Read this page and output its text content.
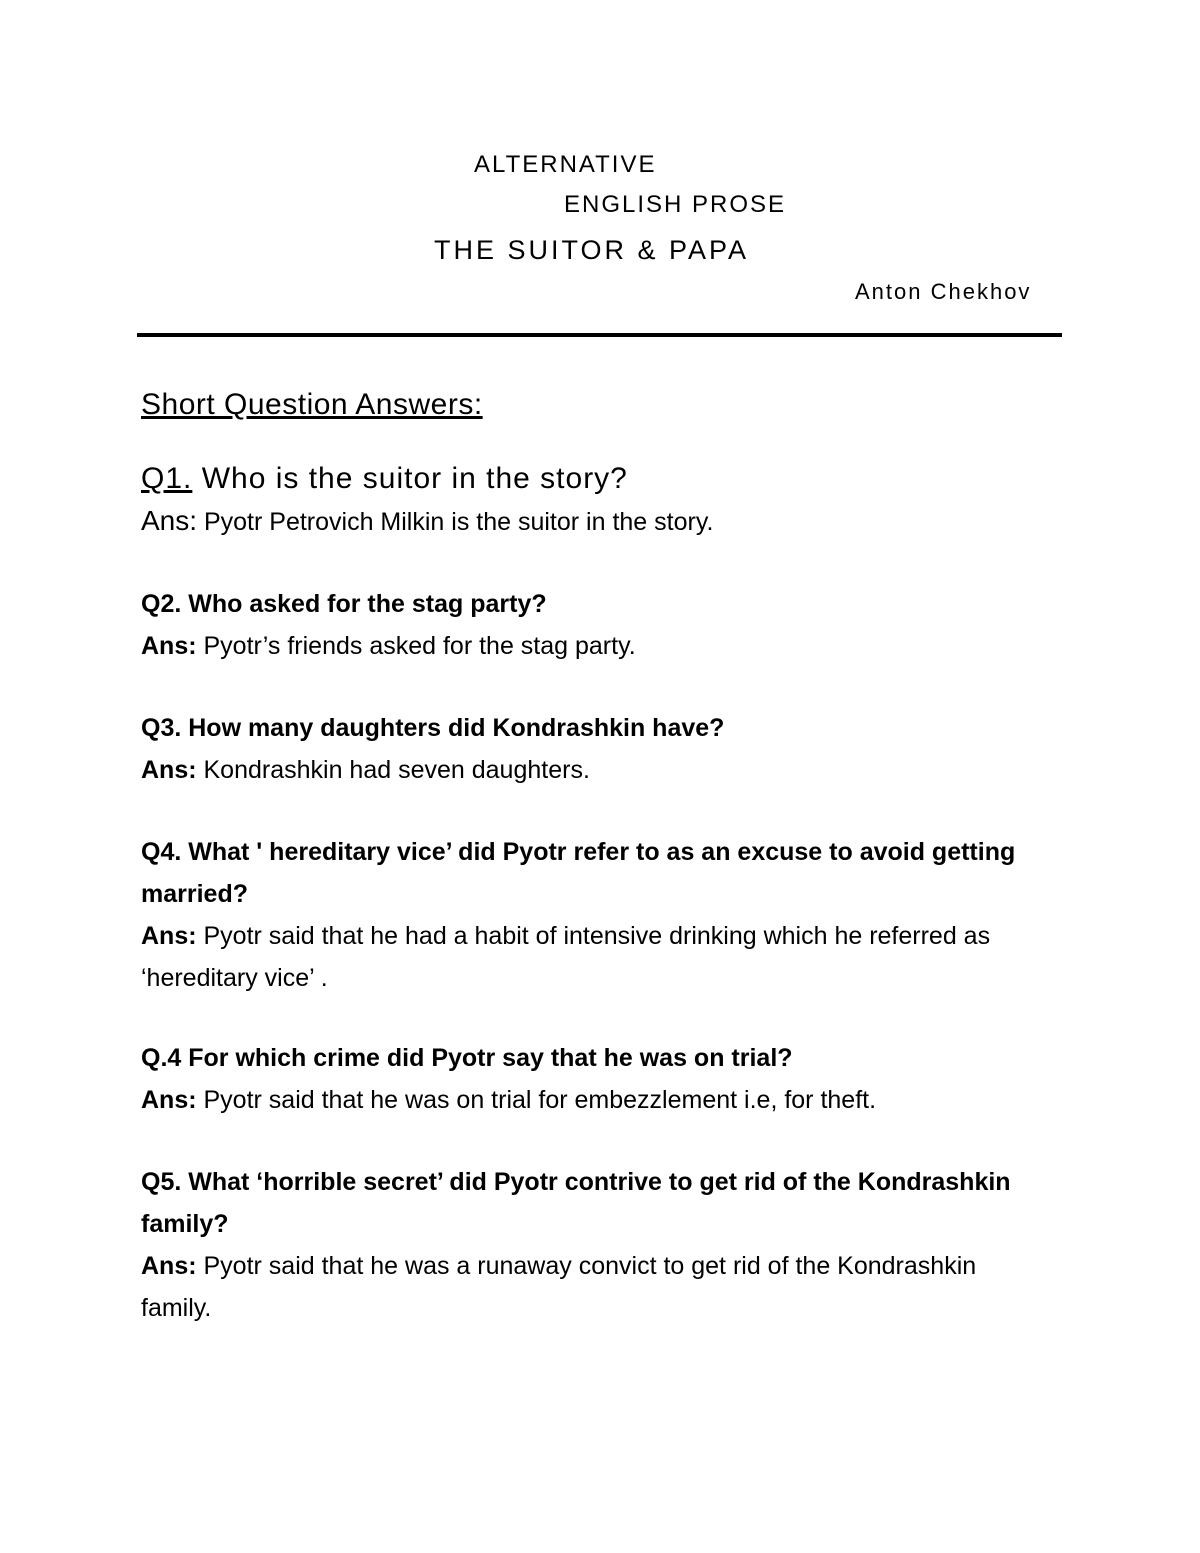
ALTERNATIVE
ENGLISH PROSE
THE SUITOR & PAPA
Anton Chekhov
Short Question Answers:
Q1. Who is the suitor in the story?
Ans: Pyotr Petrovich Milkin is the suitor in the story.
Q2. Who asked for the stag party?
Ans: Pyotr’s friends asked for the stag party.
Q3. How many daughters did Kondrashkin have?
Ans: Kondrashkin had seven daughters.
Q4. What ' hereditary vice’ did Pyotr refer to as an excuse to avoid getting married?
Ans: Pyotr said that he had a habit of intensive drinking which he referred as ‘hereditary vice’ .
Q.4 For which crime did Pyotr say that he was on trial?
Ans: Pyotr said that he was on trial for embezzlement i.e, for theft.
Q5. What ‘horrible secret’ did Pyotr contrive to get rid of the Kondrashkin family?
Ans: Pyotr said that he was a runaway convict to get rid of the Kondrashkin family.
